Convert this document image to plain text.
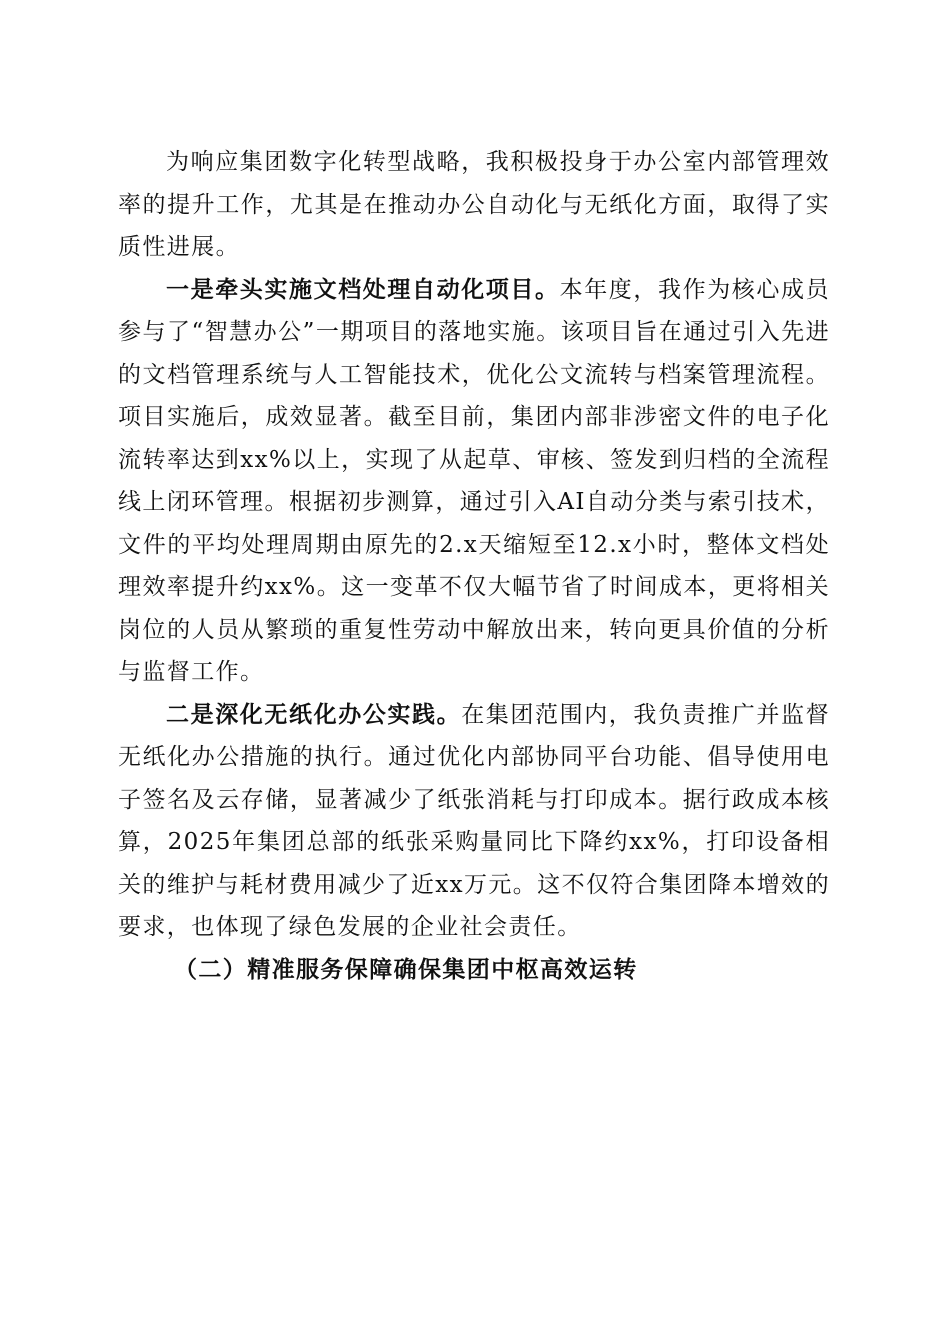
为响应集团数字化转型战略，我积极投身于办公室内部管理效率的提升工作，尤其是在推动办公自动化与无纸化方面，取得了实质性进展。

一是牵头实施文档处理自动化项目。本年度，我作为核心成员参与了“智慧办公”一期项目的落地实施。该项目旨在通过引入先进的文档管理系统与人工智能技术，优化公文流转与档案管理流程。项目实施后，成效显著。截至目前，集团内部非涉密文件的电子化流转率达到xx%以上，实现了从起草、审核、签发到归档的全流程线上闭环管理。根据初步测算，通过引入AI自动分类与索引技术，文件的平均处理周期由原先的2.x天缩短至12.x小时，整体文档处理效率提升约xx%。这一变革不仅大幅节省了时间成本，更将相关岗位的人员从繁琐的重复性劳动中解放出来，转向更具价值的分析与监督工作。

二是深化无纸化办公实践。在集团范围内，我负责推广并监督无纸化办公措施的执行。通过优化内部协同平台功能、倡导使用电子签名及云存储，显著减少了纸张消耗与打印成本。据行政成本核算，2025年集团总部的纸张采购量同比下降约xx%，打印设备相关的维护与耗材费用减少了近xx万元。这不仅符合集团降本增效的要求，也体现了绿色发展的企业社会责任。

（二）精准服务保障确保集团中枢高效运转
